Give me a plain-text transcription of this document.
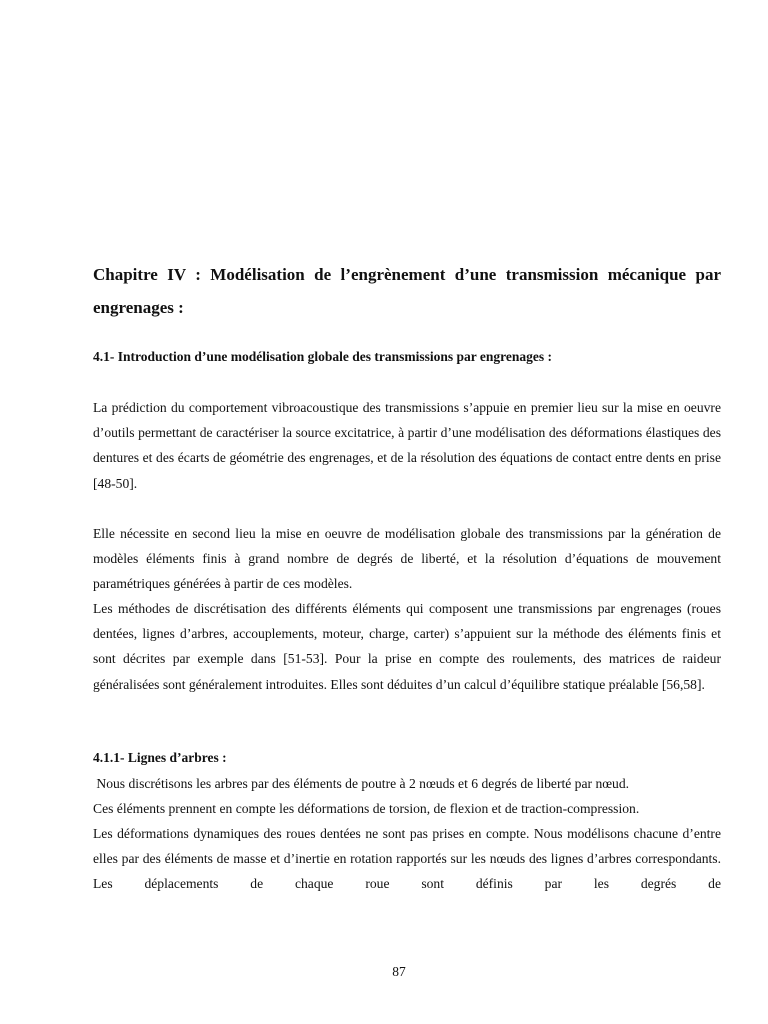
Chapitre IV : Modélisation de l’engrènement d’une transmission mécanique par engrenages :
4.1- Introduction d’une modélisation globale des transmissions par engrenages :

La prédiction du comportement vibroacoustique des transmissions s’appuie en premier lieu sur la mise en oeuvre d’outils permettant de caractériser la source excitatrice, à partir d’une modélisation des déformations élastiques des dentures et des écarts de géométrie des engrenages, et de la résolution des équations de contact entre dents en prise [48-50].

Elle nécessite en second lieu la mise en oeuvre de modélisation globale des transmissions par la génération de modèles éléments finis à grand nombre de degrés de liberté, et la résolution d’équations de mouvement paramétriques générées à partir de ces modèles.

Les méthodes de discrétisation des différents éléments qui composent une transmissions par engrenages (roues dentées, lignes d’arbres, accouplements, moteur, charge, carter) s’appuient sur la méthode des éléments finis et sont décrites par exemple dans [51-53]. Pour la prise en compte des roulements, des matrices de raideur généralisées sont généralement introduites. Elles sont déduites d’un calcul d’équilibre statique préalable [56,58].

4.1.1- Lignes d’arbres :

Nous discrétisons les arbres par des éléments de poutre à 2 nœuds et 6 degrés de liberté par nœud.

Ces éléments prennent en compte les déformations de torsion, de flexion et de traction-compression.

Les déformations dynamiques des roues dentées ne sont pas prises en compte. Nous modélisons chacune d’entre elles par des éléments de masse et d’inertie en rotation rapportés sur les nœuds des lignes d’arbres correspondants. Les déplacements de chaque roue sont définis par les degrés de

87
